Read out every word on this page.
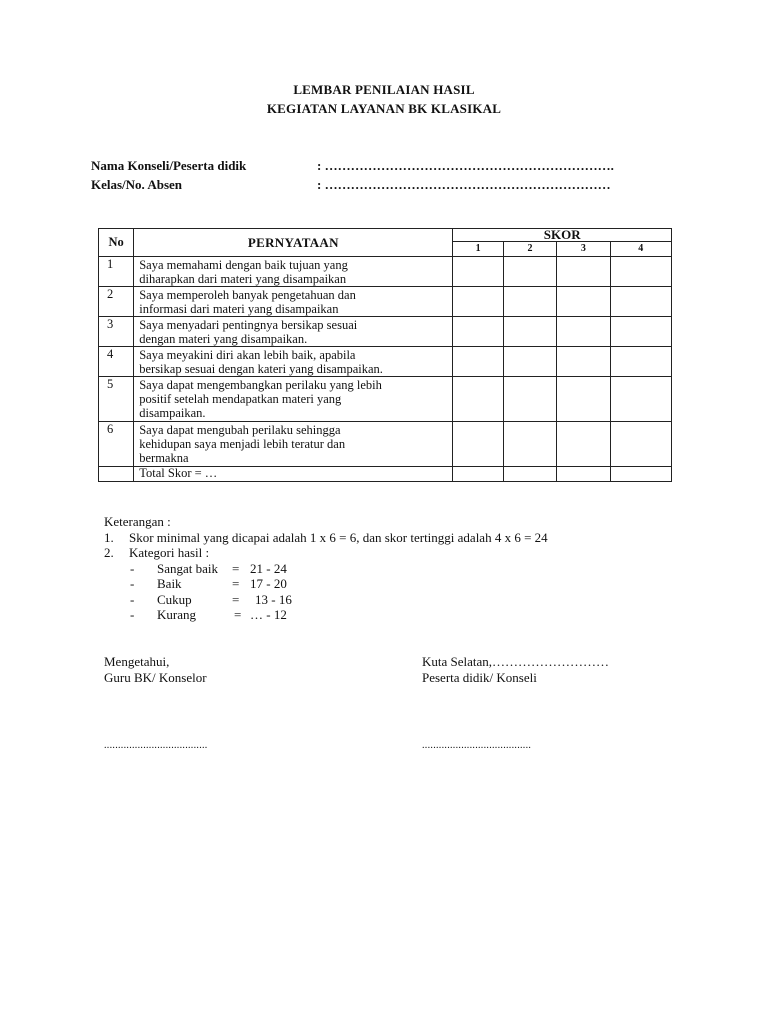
LEMBAR PENILAIAN HASIL
KEGIATAN LAYANAN BK KLASIKAL
Nama Konseli/Peserta didik	: ………………………………………………………….
Kelas/No. Absen	: …………………………………………………………
No	PERNYATAAN	SKOR			
		1	2	3	4
1	Saya memahami dengan baik tujuan yang
diharapkan dari materi yang disampaikan				

2	Saya memperoleh banyak pengetahuan dan
informasi dari materi yang disampaikan				

3	Saya menyadari pentingnya bersikap sesuai
dengan materi yang disampaikan.				

4	Saya meyakini diri akan lebih baik, apabila
bersikap sesuai dengan kateri yang disampaikan.				

5	Saya dapat mengembangkan perilaku yang lebih
positif setelah mendapatkan materi yang
disampaikan.				

6	Saya dapat mengubah perilaku sehingga
kehidupan saya menjadi lebih teratur dan
bermakna				

	Total Skor = …				
Keterangan :
1. Skor minimal yang dicapai adalah 1 x 6 = 6, dan skor tertinggi adalah 4 x 6 = 24
2. Kategori hasil :
- Sangat baik = 21 - 24
- Baik	= 17 - 20
- Cukup	= 13 - 16
- Kurang	= … - 12
Mengetahui,
Guru BK/ Konselor
.....................................
Kuta Selatan,………………………
Peserta didik/ Konseli
.......................................
